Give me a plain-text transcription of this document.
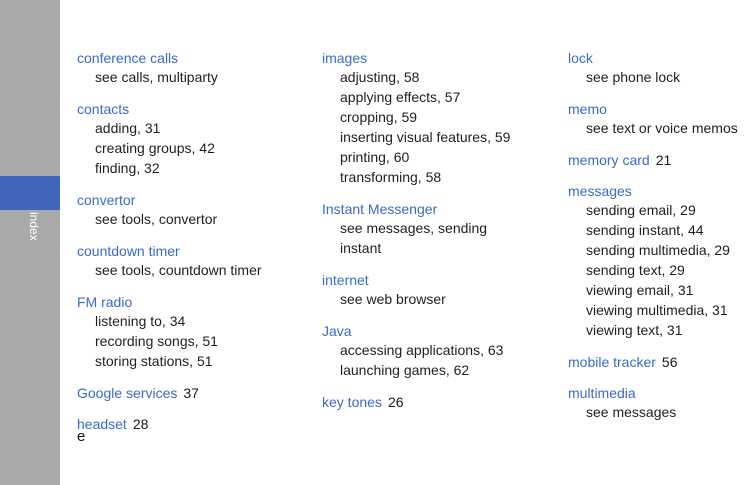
index
conference calls
see calls, multiparty
contacts
adding, 31
creating groups, 42
finding, 32
convertor
see tools, convertor
countdown timer
see tools, countdown timer
FM radio
listening to, 34
recording songs, 51
storing stations, 51
Google services 37
headset 28
images
adjusting, 58
applying effects, 57
cropping, 59
inserting visual features, 59
printing, 60
transforming, 58
Instant Messenger
see messages, sending
instant
internet
see web browser
Java
accessing applications, 63
launching games, 62
key tones 26
lock
see phone lock
memo
see text or voice memos
memory card 21
messages
sending email, 29
sending instant, 44
sending multimedia, 29
sending text, 29
viewing email, 31
viewing multimedia, 31
viewing text, 31
mobile tracker 56
multimedia
see messages
e
